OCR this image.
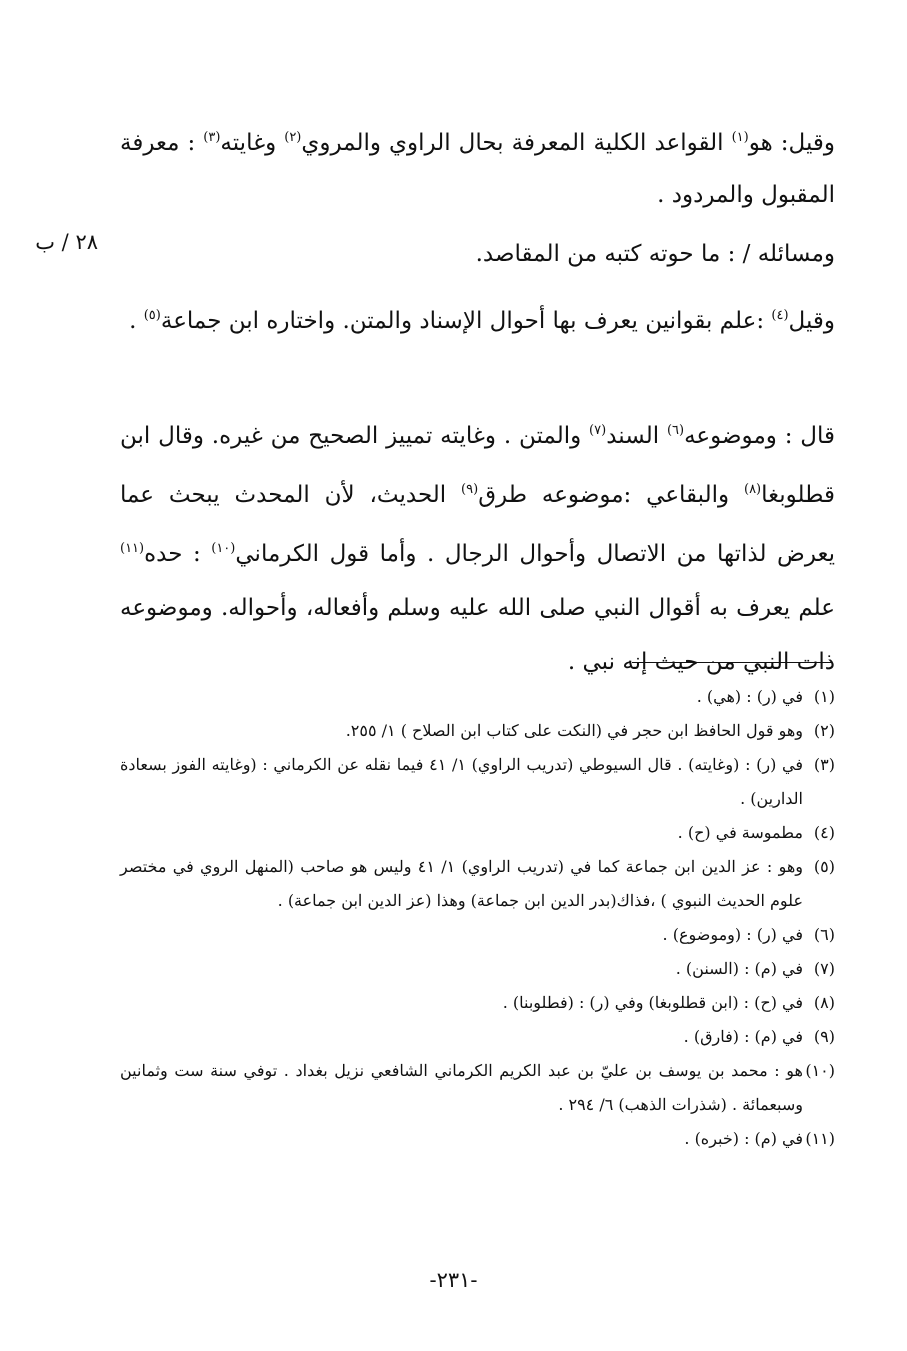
٢٨ / ب

وقيل: هو$^{(١)}$ القواعد الكلية المعرفة بحال الراوي والمروي$^{(٢)}$ وغايته$^{(٣)}$ : معرفة المقبول والمردود .

ومسائله / : ما حوته كتبه من المقاصد.

وقيل$^{(٤)}$ :علم بقوانين يعرف بها أحوال الإسناد والمتن. واختاره ابن جماعة$^{(٥)}$ .

قال : وموضوعه$^{(٦)}$ السند$^{(٧)}$ والمتن . وغايته تمييز الصحيح من غيره. وقال ابن قطلوبغا$^{(٨)}$ والبقاعي :موضوعه طرق$^{(٩)}$ الحديث، لأن المحدث يبحث عما يعرض لذاتها من الاتصال وأحوال الرجال . وأما قول الكرماني$^{(١٠)}$ : حده$^{(١١)}$ علم يعرف به أقوال النبي صلى الله عليه وسلم وأفعاله، وأحواله. وموضوعه ذات النبي من حيث إنه نبي .

(١)
في (ر) : (هي) .
(٢)
وهو قول الحافظ ابن حجر في (النكت على كتاب ابن الصلاح ) ١/ ٢٥٥.
(٣)
في (ر) : (وغايته) . قال السيوطي (تدريب الراوي) ١/ ٤١ فيما نقله عن الكرماني : (وغايته الفوز بسعادة الدارين) .
(٤)
مطموسة في (ح) .
(٥)
وهو : عز الدين ابن جماعة كما في (تدريب الراوي) ١/ ٤١ وليس هو صاحب (المنهل الروي في مختصر علوم الحديث النبوي ) ،فذاك(بدر الدين ابن جماعة) وهذا (عز الدين ابن جماعة) .
(٦)
في (ر) : (وموضوع) .
(٧)
في (م) : (السنن) .
(٨)
في (ح) : (ابن قطلوبغا) وفي (ر) : (فطلوبنا) .
(٩)
في (م) : (فارق) .
(١٠)
هو : محمد بن يوسف بن عليّ بن عبد الكريم الكرماني الشافعي نزيل بغداد . توفي سنة ست وثمانين وسبعمائة . (شذرات الذهب) ٦/ ٢٩٤ .
(١١)
في (م) : (خبره) .
-٢٣١-
